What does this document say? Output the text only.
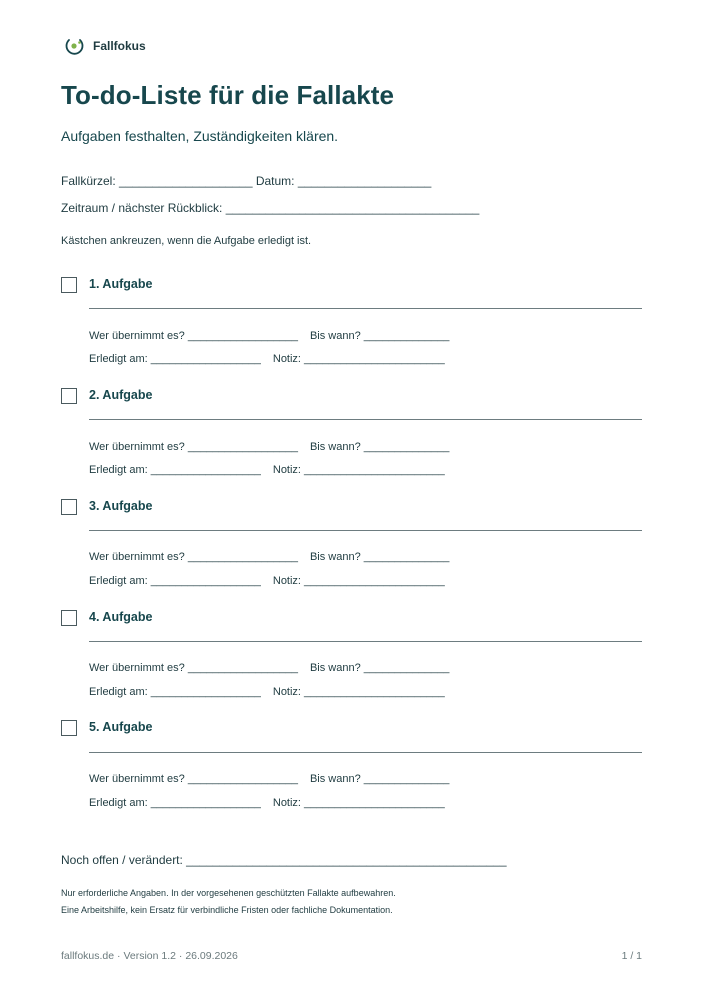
Fallfokus
To-do-Liste für die Fallakte
Aufgaben festhalten, Zuständigkeiten klären.
Fallkürzel: ____________________ Datum: ____________________
Zeitraum / nächster Rückblick: ______________________________________
Kästchen ankreuzen, wenn die Aufgabe erledigt ist.
1. Aufgabe
Wer übernimmt es? __________________ Bis wann? ______________
Erledigt am: __________________ Notiz: _______________________
2. Aufgabe
Wer übernimmt es? __________________ Bis wann? ______________
Erledigt am: __________________ Notiz: _______________________
3. Aufgabe
Wer übernimmt es? __________________ Bis wann? ______________
Erledigt am: __________________ Notiz: _______________________
4. Aufgabe
Wer übernimmt es? __________________ Bis wann? ______________
Erledigt am: __________________ Notiz: _______________________
5. Aufgabe
Wer übernimmt es? __________________ Bis wann? ______________
Erledigt am: __________________ Notiz: _______________________
Noch offen / verändert: ________________________________________________
Nur erforderliche Angaben. In der vorgesehenen geschützten Fallakte aufbewahren.
Eine Arbeitshilfe, kein Ersatz für verbindliche Fristen oder fachliche Dokumentation.
fallfokus.de · Version 1.2 · 26.09.2026	1 / 1
